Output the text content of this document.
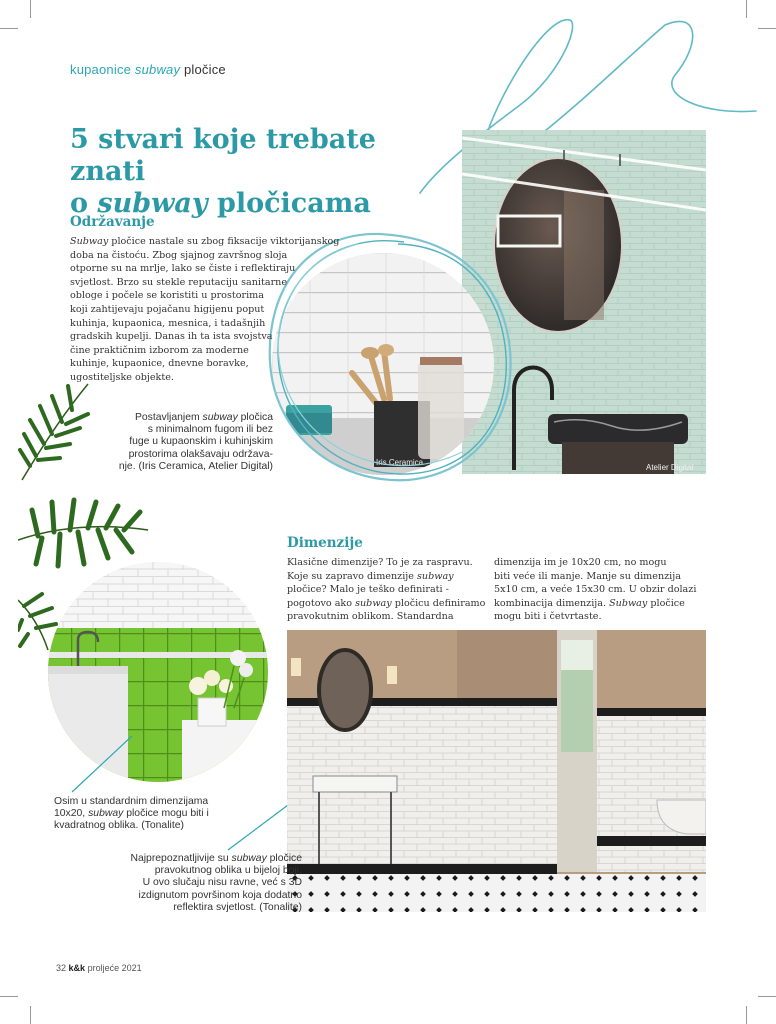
kupaonice subway pločice
5 stvari koje trebate znati
o subway pločicama
Atelier Digital
Iris Ceramica
Održavanje
Subway pločice nastale su zbog fiksacije viktorijanskog
doba na čistoću. Zbog sjajnog završnog sloja
otporne su na mrlje, lako se čiste i reflektiraju
svjetlost. Brzo su stekle reputaciju sanitarne
obloge i počele se koristiti u prostorima
koji zahtijevaju pojačanu higijenu poput
kuhinja, kupaonica, mesnica, i tadašnjih
gradskih kupelji. Danas ih ta ista svojstva
čine praktičnim izborom za moderne
kuhinje, kupaonice, dnevne boravke,
ugostiteljske objekte.
Postavljanjem subway pločica
s minimalnom fugom ili bez
fuge u kupaonskim i kuhinjskim
prostorima olakšavaju održava-
nje. (Iris Ceramica, Atelier Digital)
Dimenzije
Klasične dimenzije? To je za raspravu.
Koje su zapravo dimenzije subway
pločice? Malo je teško definirati -
pogotovo ako subway pločicu definiramo
pravokutnim oblikom. Standardna
dimenzija im je 10x20 cm, no mogu
biti veće ili manje. Manje su dimenzija
5x10 cm, a veće 15x30 cm. U obzir dolazi
kombinacija dimenzija. Subway pločice
mogu biti i četvrtaste.
Osim u standardnim dimenzijama
10x20, subway pločice mogu biti i
kvadratnog oblika. (Tonalite)
Najprepoznatljivije su subway pločice
pravokutnog oblika u bijeloj boji.
U ovo slučaju nisu ravne, već s 3D
izdignutom površinom koja dodatno
reflektira svjetlost. (Tonalite)
32 k&k proljeće 2021
